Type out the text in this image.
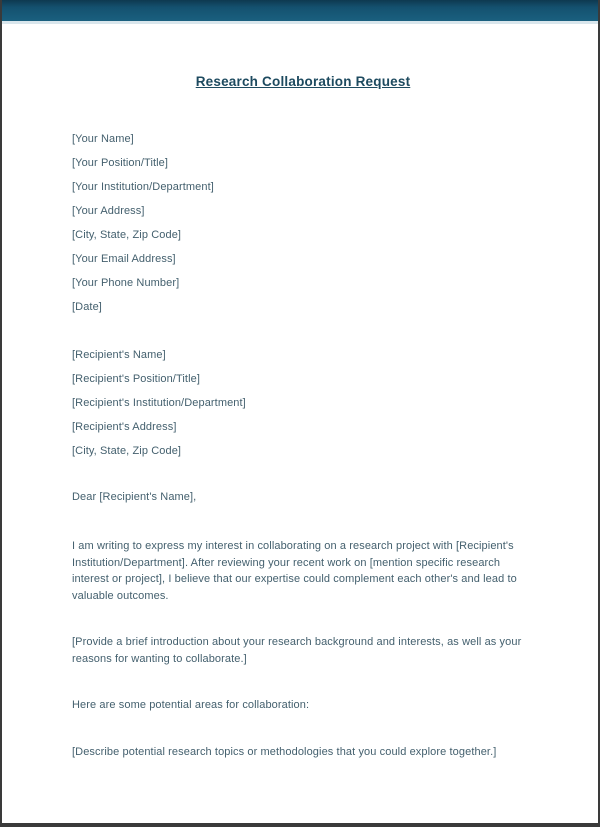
Research Collaboration Request
[Your Name]
[Your Position/Title]
[Your Institution/Department]
[Your Address]
[City, State, Zip Code]
[Your Email Address]
[Your Phone Number]
[Date]
[Recipient's Name]
[Recipient's Position/Title]
[Recipient's Institution/Department]
[Recipient's Address]
[City, State, Zip Code]

Dear [Recipient's Name],

I am writing to express my interest in collaborating on a research project with [Recipient's Institution/Department]. After reviewing your recent work on [mention specific research interest or project], I believe that our expertise could complement each other's and lead to valuable outcomes.

[Provide a brief introduction about your research background and interests, as well as your reasons for wanting to collaborate.]

Here are some potential areas for collaboration:

[Describe potential research topics or methodologies that you could explore together.]
